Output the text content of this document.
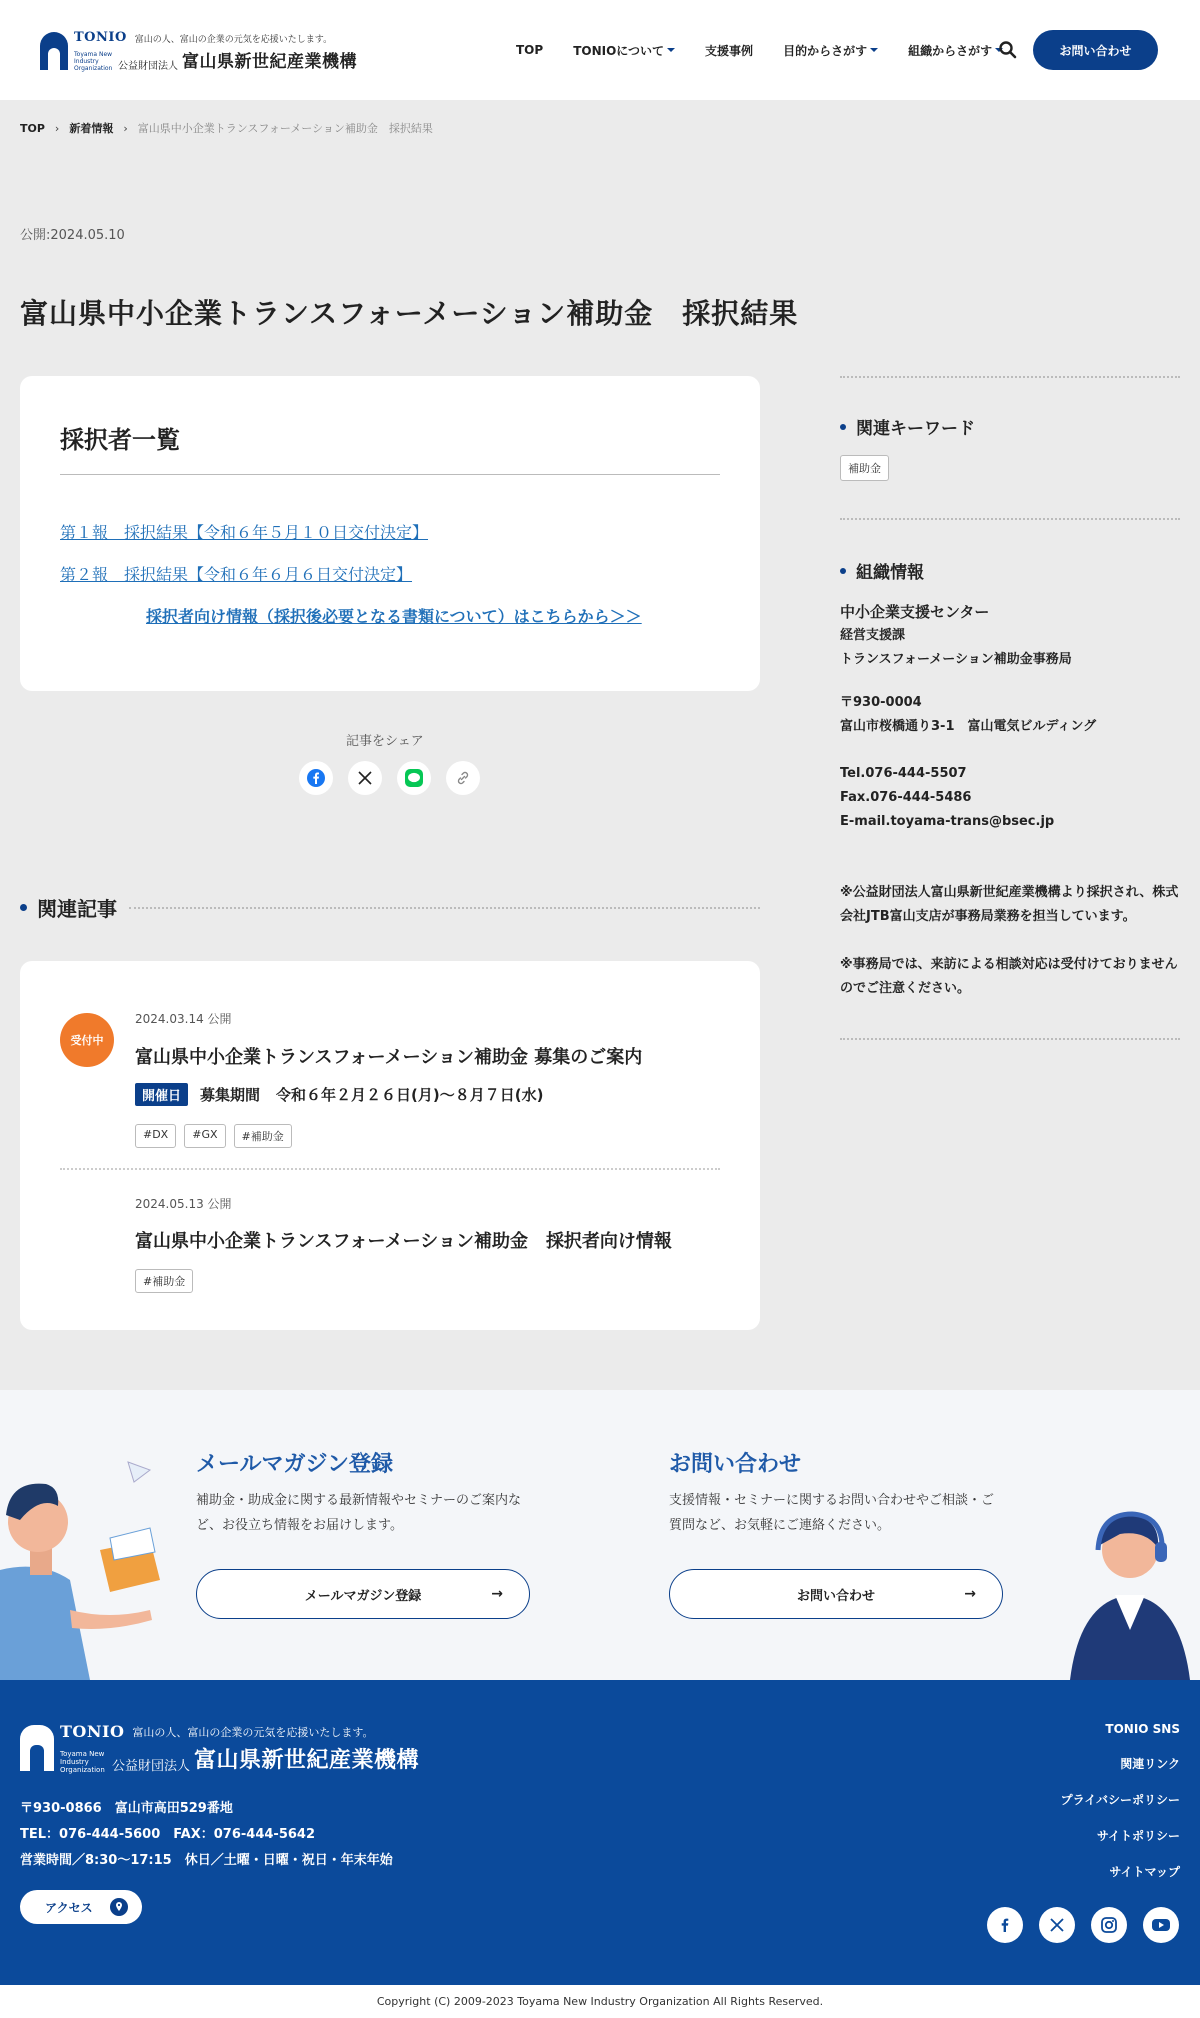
TONIO 富山の人、富山の企業の元気を応援いたします。
Toyama New Industry Organization 公益財団法人 富山県新世紀産業機構
TOP	TONIOについて	支援事例	目的からさがす	組織からさがす	お問い合わせ
TOP › 新着情報 › 富山県中小企業トランスフォーメーション補助金　採択結果
公開:2024.05.10
富山県中小企業トランスフォーメーション補助金　採択結果
採択者一覧
第１報　採択結果【令和６年５月１０日交付決定】
第２報　採択結果【令和６年６月６日交付決定】
採択者向け情報（採択後必要となる書類について）はこちらから＞＞
記事をシェア
関連記事
受付中
2024.03.14 公開
富山県中小企業トランスフォーメーション補助金 募集のご案内
開催日	募集期間 令和６年２月２６日(月)～８月７日(水)
#DX	#GX	#補助金
2024.05.13 公開
富山県中小企業トランスフォーメーション補助金　採択者向け情報
#補助金
関連キーワード
補助金
組織情報
中小企業支援センター
経営支援課
トランスフォーメーション補助金事務局
〒930-0004
富山市桜橋通り3-1　富山電気ビルディング
Tel.076-444-5507
Fax.076-444-5486
E-mail.toyama-trans@bsec.jp
※公益財団法人富山県新世紀産業機構より採択され、株式会社JTB富山支店が事務局業務を担当しています。
※事務局では、来訪による相談対応は受付けておりませんのでご注意ください。
メールマガジン登録
補助金・助成金に関する最新情報やセミナーのご案内など、お役立ち情報をお届けします。
メールマガジン登録	→
お問い合わせ
支援情報・セミナーに関するお問い合わせやご相談・ご質問など、お気軽にご連絡ください。
お問い合わせ	→
TONIO 富山の人、富山の企業の元気を応援いたします。
Toyama New Industry Organization 公益財団法人 富山県新世紀産業機構
〒930-0866　富山市高田529番地
TEL：076-444-5600　FAX：076-444-5642
営業時間／8:30～17:15　休日／土曜・日曜・祝日・年末年始
アクセス
TONIO SNS
関連リンク
プライバシーポリシー
サイトポリシー
サイトマップ
Copyright (C) 2009-2023 Toyama New Industry Organization All Rights Reserved.
